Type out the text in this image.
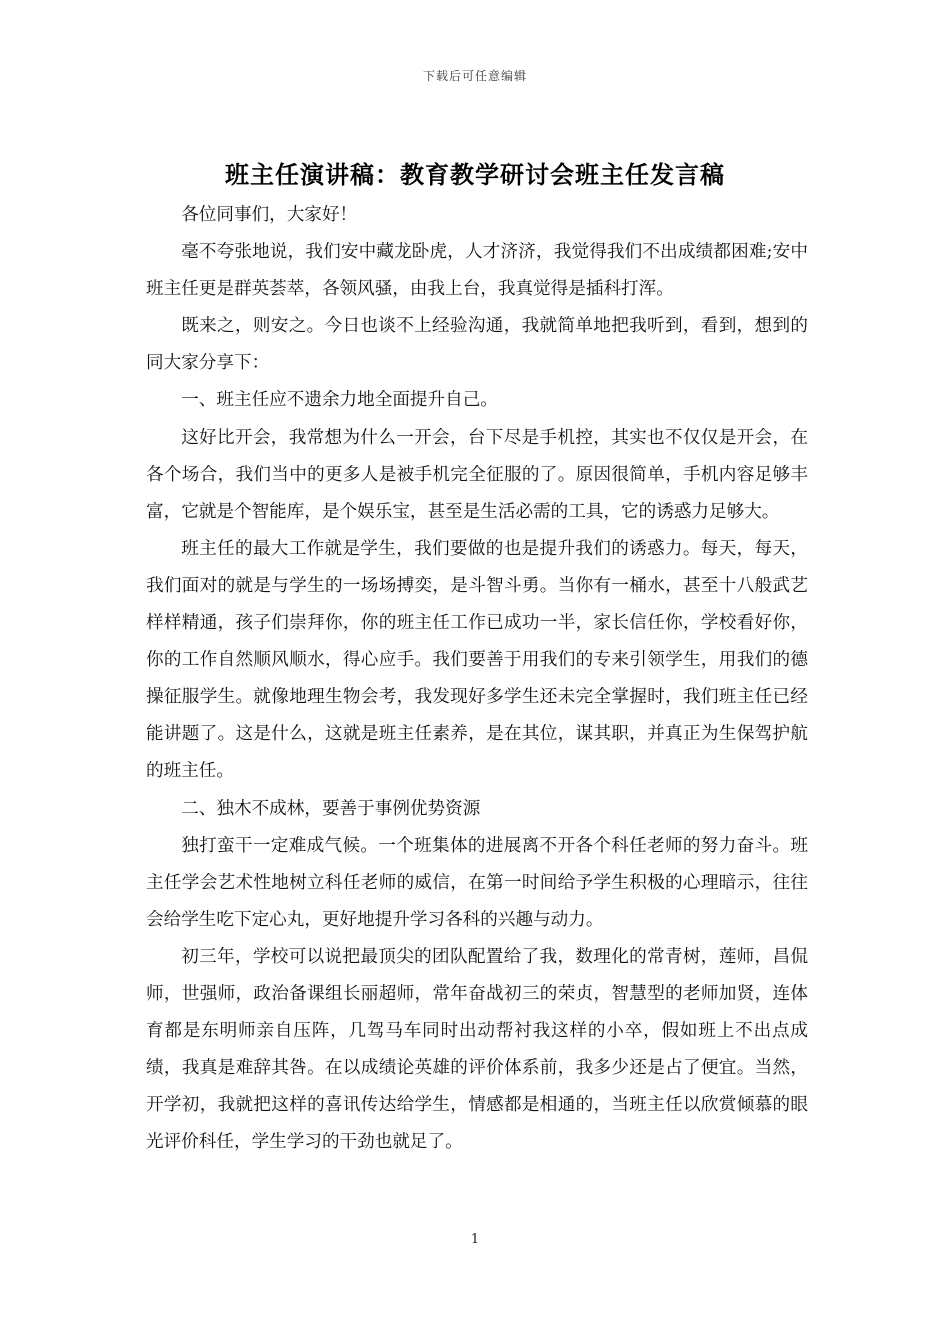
下载后可任意编辑
班主任演讲稿：教育教学研讨会班主任发言稿

各位同事们，大家好！

毫不夸张地说，我们安中藏龙卧虎，人才济济，我觉得我们不出成绩都困难;安中班主任更是群英荟萃，各领风骚，由我上台，我真觉得是插科打浑。

既来之，则安之。今日也谈不上经验沟通，我就简单地把我听到，看到，想到的同大家分享下：

一、班主任应不遗余力地全面提升自己。

这好比开会，我常想为什么一开会，台下尽是手机控，其实也不仅仅是开会，在各个场合，我们当中的更多人是被手机完全征服的了。原因很简单，手机内容足够丰富，它就是个智能库，是个娱乐宝，甚至是生活必需的工具，它的诱惑力足够大。

班主任的最大工作就是学生，我们要做的也是提升我们的诱惑力。每天，每天，我们面对的就是与学生的一场场搏奕，是斗智斗勇。当你有一桶水，甚至十八般武艺样样精通，孩子们崇拜你，你的班主任工作已成功一半，家长信任你，学校看好你，你的工作自然顺风顺水，得心应手。我们要善于用我们的专来引领学生，用我们的德操征服学生。就像地理生物会考，我发现好多学生还未完全掌握时，我们班主任已经能讲题了。这是什么，这就是班主任素养，是在其位，谋其职，并真正为生保驾护航的班主任。

二、独木不成林，要善于事例优势资源

独打蛮干一定难成气候。一个班集体的进展离不开各个科任老师的努力奋斗。班主任学会艺术性地树立科任老师的威信，在第一时间给予学生积极的心理暗示，往往会给学生吃下定心丸，更好地提升学习各科的兴趣与动力。

初三年，学校可以说把最顶尖的团队配置给了我，数理化的常青树，莲师，昌侃师，世强师，政治备课组长丽超师，常年奋战初三的荣贞，智慧型的老师加贤，连体育都是东明师亲自压阵，几驾马车同时出动帮衬我这样的小卒，假如班上不出点成绩，我真是难辞其咎。在以成绩论英雄的评价体系前，我多少还是占了便宜。当然，开学初，我就把这样的喜讯传达给学生，情感都是相通的，当班主任以欣赏倾慕的眼光评价科任，学生学习的干劲也就足了。

1
